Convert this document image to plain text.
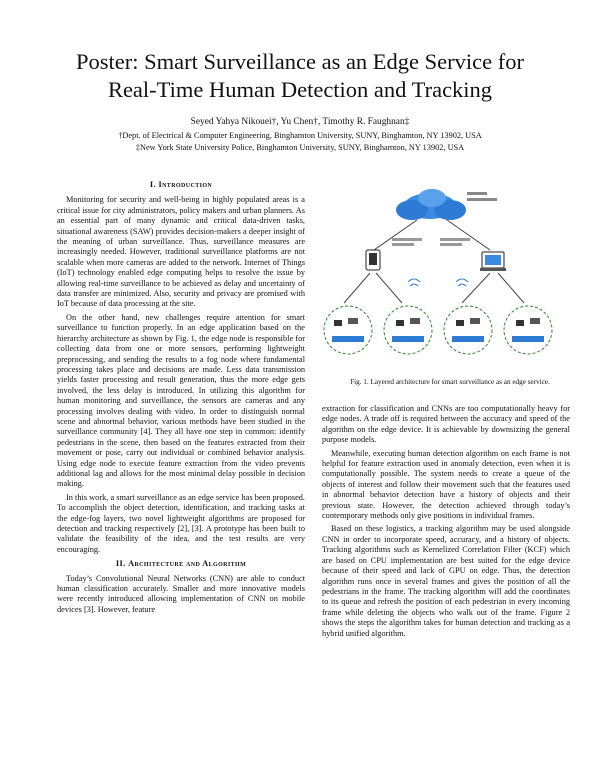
Poster: Smart Surveillance as an Edge Service for
Real-Time Human Detection and Tracking
Seyed Yahya Nikouei†, Yu Chen†, Timothy R. Faughnan‡
†Dept. of Electrical & Computer Engineering, Binghamton University, SUNY, Binghamton, NY 13902, USA
‡New York State University Police, Binghamton University, SUNY, Binghamton, NY 13902, USA
I. Introduction

Monitoring for security and well-being in highly populated areas is a critical issue for city administrators, policy makers and urban planners. As an essential part of many dynamic and critical data-driven tasks, situational awareness (SAW) provides decision-makers a deeper insight of the meaning of urban surveillance. Thus, surveillance measures are increasingly needed. However, traditional surveillance platforms are not scalable when more cameras are added to the network. Internet of Things (IoT) technology enabled edge computing helps to resolve the issue by allowing real-time surveillance to be achieved as delay and uncertainty of data transfer are minimized. Also, security and privacy are promised with IoT because of data processing at the site.

On the other hand, new challenges require attention for smart surveillance to function properly. In an edge application based on the hierarchy architecture as shown by Fig. 1, the edge node is responsible for collecting data from one or more sensors, performing lightweight preprocessing, and sending the results to a fog node where fundamental processing takes place and decisions are made. Less data transmission yields faster processing and result generation, thus the more edge gets involved, the less delay is introduced. In utilizing this algorithm for human monitoring and surveillance, the sensors are cameras and any processing involves dealing with video. In order to distinguish normal scene and abnormal behavior, various methods have been studied in the surveillance community [4]. They all have one step in common: identify pedestrians in the scene, then based on the features extracted from their movement or pose, carry out individual or combined behavior analysis. Using edge node to execute feature extraction from the video prevents additional lag and allows for the most minimal delay possible in decision making.

In this work, a smart surveillance as an edge service has been proposed. To accomplish the object detection, identification, and tracking tasks at the edge-fog layers, two novel lightweight algorithms are proposed for detection and tracking respectively [2], [3]. A prototype has been built to validate the feasibility of the idea, and the test results are very encouraging.

II. Architecture and Algorithm

Today’s Convolutional Neural Networks (CNN) are able to conduct human classification accurately. Smaller and more innovative models were recently introduced allowing implementation of CNN on mobile devices [3]. However, feature

Fig. 1. Layered architecture for smart surveillance as an edge service.

extraction for classification and CNNs are too computationally heavy for edge nodes. A trade off is required between the accuracy and speed of the algorithm on the edge device. It is achievable by downsizing the general purpose models.

Meanwhile, executing human detection algorithm on each frame is not helpful for feature extraction used in anomaly detection, even when it is computationally possible. The system needs to create a queue of the objects of interest and follow their movement such that the features used in abnormal behavior detection have a history of objects and their previous state. However, the detection achieved through today’s contemporary methods only give positions in individual frames.

Based on these logistics, a tracking algorithm may be used alongside CNN in order to incorporate speed, accuracy, and a history of objects. Tracking algorithms such as Kernelized Correlation Filter (KCF) which are based on CPU implementation are best suited for the edge device because of their speed and lack of GPU on edge. Thus, the detection algorithm runs once in several frames and gives the position of all the pedestrians in the frame. The tracking algorithm will add the coordinates to its queue and refresh the position of each pedestrian in every incoming frame while deleting the objects who walk out of the frame. Figure 2 shows the steps the algorithm takes for human detection and tracking as a hybrid unified algorithm.
